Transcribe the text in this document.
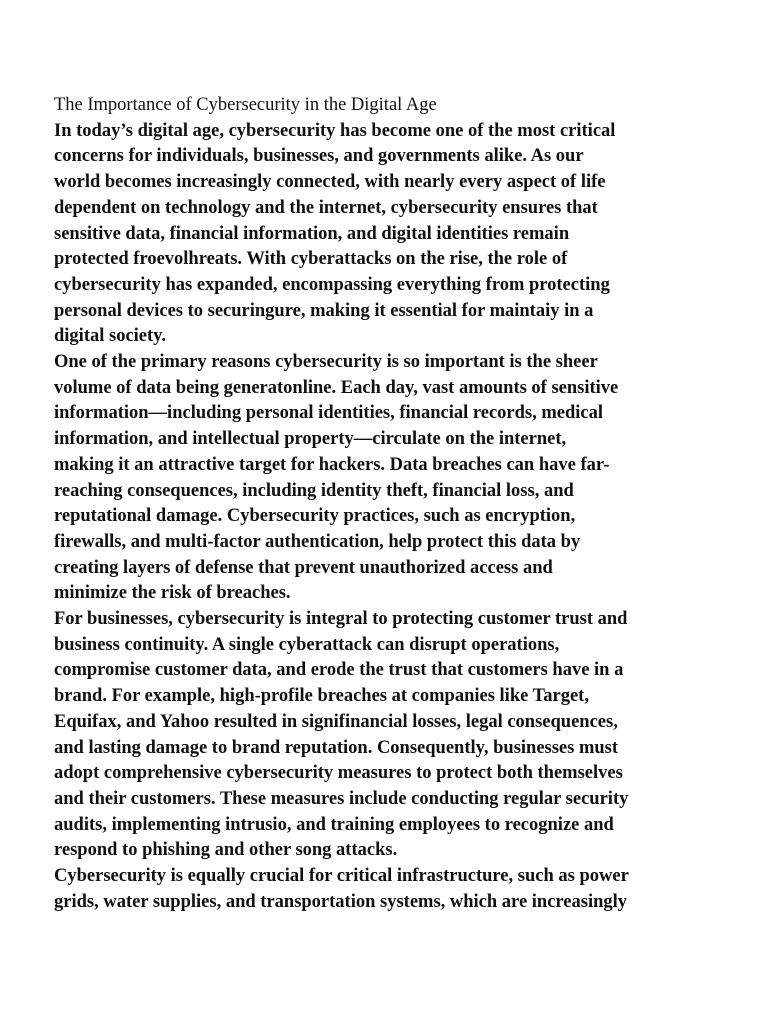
The Importance of Cybersecurity in the Digital Age

In today’s digital age, cybersecurity has become one of the most critical
concerns for individuals, businesses, and governments alike. As our
world becomes increasingly connected, with nearly every aspect of life
dependent on technology and the internet, cybersecurity ensures that
sensitive data, financial information, and digital identities remain
protected froevolhreats. With cyberattacks on the rise, the role of
cybersecurity has expanded, encompassing everything from protecting
personal devices to securingure, making it essential for maintaiy in a
digital society.

One of the primary reasons cybersecurity is so important is the sheer
volume of data being generatonline. Each day, vast amounts of sensitive
information—including personal identities, financial records, medical
information, and intellectual property—circulate on the internet,
making it an attractive target for hackers. Data breaches can have far-
reaching consequences, including identity theft, financial loss, and
reputational damage. Cybersecurity practices, such as encryption,
firewalls, and multi-factor authentication, help protect this data by
creating layers of defense that prevent unauthorized access and
minimize the risk of breaches.

For businesses, cybersecurity is integral to protecting customer trust and
business continuity. A single cyberattack can disrupt operations,
compromise customer data, and erode the trust that customers have in a
brand. For example, high-profile breaches at companies like Target,
Equifax, and Yahoo resulted in signifinancial losses, legal consequences,
and lasting damage to brand reputation. Consequently, businesses must
adopt comprehensive cybersecurity measures to protect both themselves
and their customers. These measures include conducting regular security
audits, implementing intrusio, and training employees to recognize and
respond to phishing and other song attacks.

Cybersecurity is equally crucial for critical infrastructure, such as power
grids, water supplies, and transportation systems, which are increasingly
